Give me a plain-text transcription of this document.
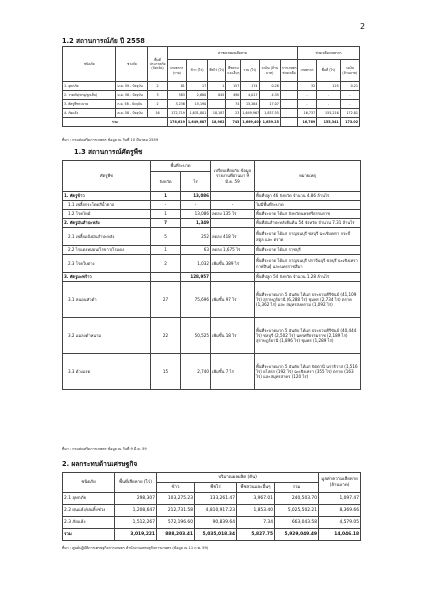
2
1.2 สถานการณ์ภัย ปี 2558
ชนิดภัย	ช่วงภัย	พื้นที่ ประกาศภัย (จังหวัด)	ค่าชดเชยผลเสียหาย							ช่วยเหลือเกษตรกร		
			เกษตรกร (ราย)	ข้าว (ไร่)	พืชไร่ (ไร่)	พืชสวน และอื่นๆ	รวม (ไร่)	วงเงิน (ล้านบาท)	การเกษตร ช่วยเหลือ	เกษตรกร	พื้นที่ (ไร่)	วงเงิน (ล้านบาท)
1. อุทกภัย	ม.ค. 59 - ปัจจุบัน	2	81	17	1	157	174	0.28		32	125	0.21
2. วาตภัย(พายุ/ลูกเห็บ)	ม.ค. 58 - ปัจจุบัน	3	583	2,680	845	490	4,017	4.35		-	-	-
3. ศัตรูพืชระบาด	ก.ย. 58 - ปัจจุบัน	2	3,236	15,190		74	15,264	17.07		-	-	-
4. ภัยแล้ง	ต.ค. 58 - ปัจจุบัน	16	172,719	1,631,801	18,187	23	1,649,967	1,837.55		16,737	155,216	172.81
รวม			176,619	1,649,687	18,962	743	1,669,402	1,859.25		16,769	155,341	173.02
ที่มา : กรมส่งเสริมการเกษตร ข้อมูล ณ วันที่ 10 มีนาคม 2559
1.3 สถานการณ์ศัตรูพืช
ศัตรูพืช	พื้นที่ระบาด		เปรียบเทียบกับ ข้อมูลรายงานที่ผ่านมา 9 มี.ค. 59	หมายเหตุ
	จังหวัด	ไร่		
1. ศัตรูข้าว	1	13,086		พื้นที่ปลูก 46 จังหวัด จำนวน 4.86 ล้านไร่
1.1 เพลี้ยกระโดดสีน้ำตาล	-	-	-	ไม่มีพื้นที่ระบาด
1.2 โรคไหม้	1	13,086	ลดลง 135 ไร่	พื้นที่ระบาด ได้แก่ จังหวัดนครศรีธรรมราช
2. ศัตรูมันสำปะหลัง	7	1,349		พื้นที่มันสำปะหลังยืนต้น 54 จังหวัด จำนวน 7.31 ล้านไร่
2.1 เพลี้ยแป้งมันสำปะหลัง	5	252	ลดลง 418 ไร่	พื้นที่ระบาด ได้แก่ กาญจนบุรี ชลบุรี ฉะเชิงเทรา กระบี่ สตูล และ ตราด
2.2 ไรแดงหม่อน/ไรขาว/ไรแดง	1	63	ลดลง 1,675 ไร่	พื้นที่ระบาด ได้แก่ ราชบุรี
2.3 โรคใบด่าง	2	1,032	เพิ่มขึ้น 389 ไร่	พื้นที่ระบาด ได้แก่ กาญจนบุรี ปราจีนบุรี ชลบุรี ฉะเชิงเทรา กาฬสินธุ์ และนครราชสีมา
3. ศัตรูมะพร้าว		128,957		พื้นที่ปลูก 54 จังหวัด จำนวน 1.28 ล้านไร่
3.1 หนอนหัวดำ	27	75,696	เพิ่มขึ้น 97 ไร่	พื้นที่ระบาดมาก 5 อันดับ ได้แก่ ประจวบคีรีขันธ์ (41,109 ไร่) สุราษฎร์ธานี (6,288 ไร่) ชุมพร (2,734 ไร่) ตราด (1,362 ไร่) และ สมุทรสงคราม (1,092 ไร่)
3.2 แมลงดำหนาม	22	50,525	เพิ่มขึ้น 18 ไร่	พื้นที่ระบาดมาก 5 อันดับ ได้แก่ ประจวบคีรีขันธ์ (40,444 ไร่) ชลบุรี (2,502 ไร่) นครศรีธรรมราช (2,189 ไร่) สุราษฎร์ธานี (1,896 ไร่) ชุมพร (1,289 ไร่)
3.3 ด้วงแรด	15	2,740	เพิ่มขึ้น 7 ไร่	พื้นที่ระบาดมาก 5 อันดับ ได้แก่ ปัตตานี นราธิวาส (1,516 ไร่) ยโสธร (192 ไร่) ฉะเชิงเทรา (355 ไร่) ตราด (163 ไร่) และสมุทรสาคร (120 ไร่)
ที่มา : กรมส่งเสริมการเกษตร ข้อมูล ณ วันที่ 9 มี.ค. 59
2. ผลกระทบด้านเศรษฐกิจ
ชนิดภัย	พื้นที่เสียหาย (ไร่)	ปริมาณผลผลิต (ตัน)				มูลค่าความเสียหาย (ล้านบาท)
		ข้าว	พืชไร่	พืชสวนและอื่นๆ	รวม	
2.1 อุทกภัย	298,307	103,275.23	133,261.47	3,967.01	240,503.70	1,097.47
2.2 ฝนแล้ง/ฝนทิ้งช่วง	1,208,647	212,731.58	4,810,917.23	1,853.40	5,025,502.21	8,369.66
2.3 ภัยแล้ง	1,512,267	572,196.60	90,839.64	7.34	663,043.58	4,579.05
รวม	3,019,221	888,203.41	5,035,018.34	5,827.75	5,929,049.49	14,046.18
ที่มา : ศูนย์ปฏิบัติการเศรษฐกิจการเกษตร สำนักงานเศรษฐกิจการเกษตร (ข้อมูล ณ 11 ก.พ. 59)
